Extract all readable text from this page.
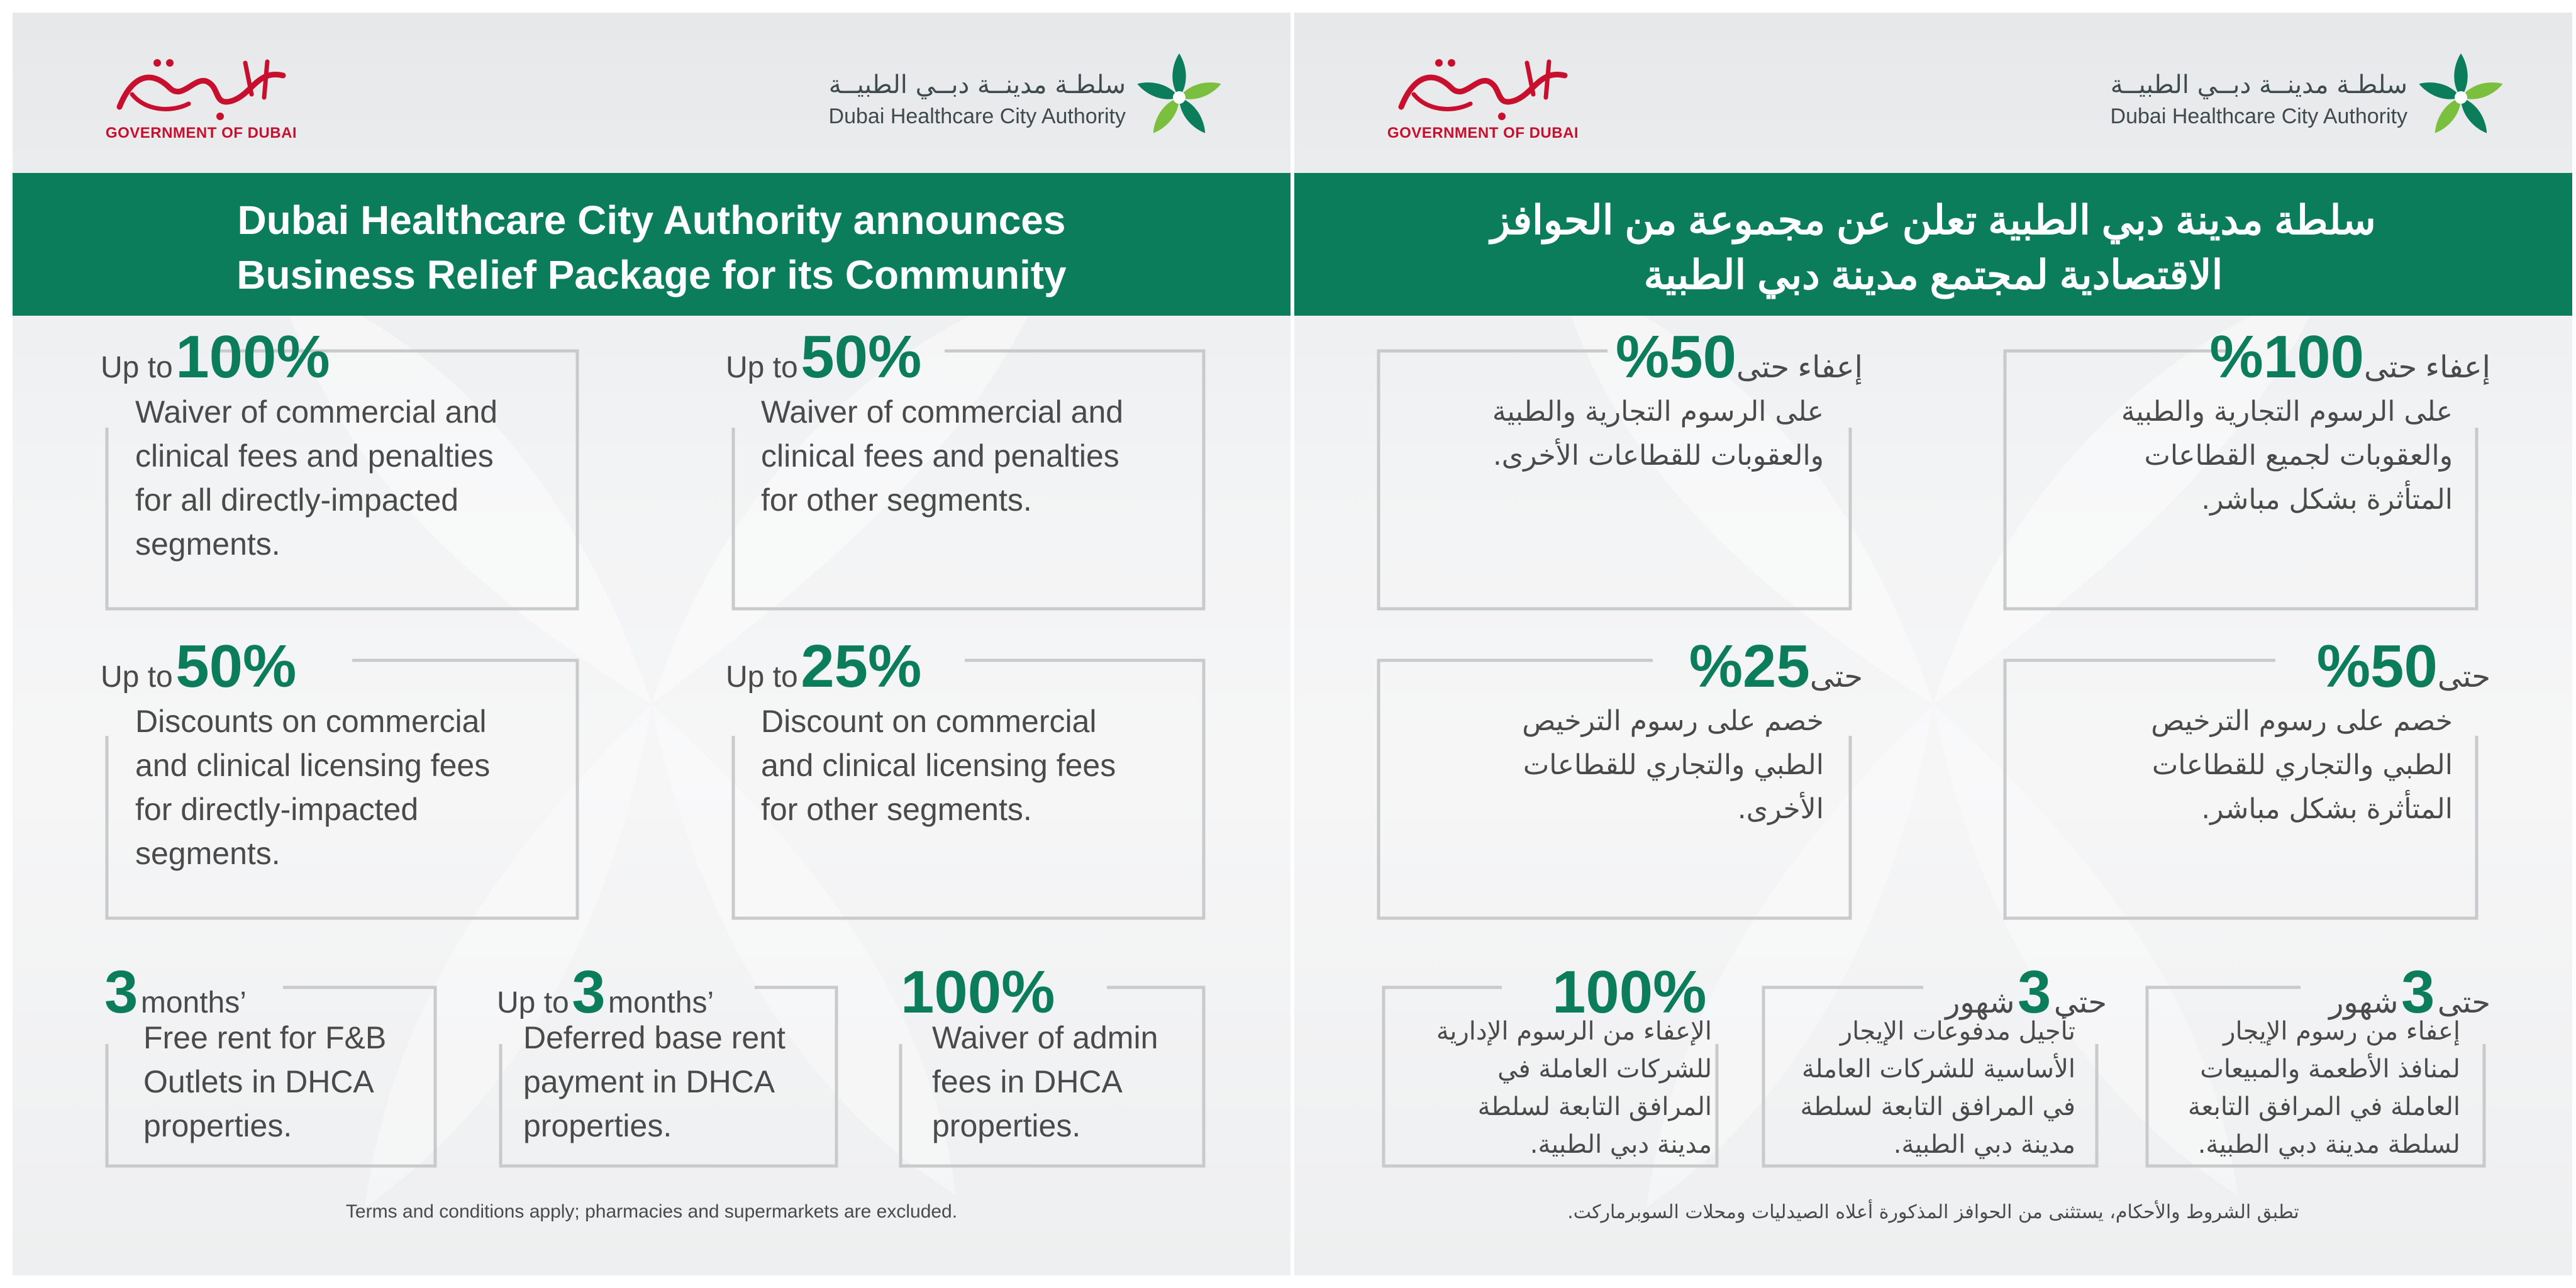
GOVERNMENT OF DUBAI
سلطـة مدينــة دبــي الطبيــة
Dubai Healthcare City Authority
Dubai Healthcare City Authority announces
Business Relief Package for its Community
Up to 100%
Waiver of commercial and
clinical fees and penalties
for all directly-impacted
segments.
Up to 50%
Waiver of commercial and
clinical fees and penalties
for other segments.
Up to 50%
Discounts on commercial
and clinical licensing fees
for directly-impacted
segments.
Up to 25%
Discount on commercial
and clinical licensing fees
for other segments.
3 months’
Free rent for F&B
Outlets in DHCA
properties.
Up to 3 months’
Deferred base rent
payment in DHCA
properties.
100%
Waiver of admin
fees in DHCA
properties.
Terms and conditions apply; pharmacies and supermarkets are excluded.
GOVERNMENT OF DUBAI
سلطـة مدينــة دبــي الطبيــة
Dubai Healthcare City Authority
سلطة مدينة دبي الطبية تعلن عن مجموعة من الحوافز
الاقتصادية لمجتمع مدينة دبي الطبية
إعفاء حتى100%
على الرسوم التجارية والطبية
والعقوبات لجميع القطاعات
المتأثرة بشكل مباشر.
إعفاء حتى50%
على الرسوم التجارية والطبية
والعقوبات للقطاعات الأخرى.
حتى50%
خصم على رسوم الترخيص
الطبي والتجاري للقطاعات
المتأثرة بشكل مباشر.
حتى25%
خصم على رسوم الترخيص
الطبي والتجاري للقطاعات
الأخرى.
حتى 3 شهور
إعفاء من رسوم الإيجار
لمنافذ الأطعمة والمبيعات
العاملة في المرافق التابعة
لسلطة مدينة دبي الطبية.
حتى 3 شهور
تأجيل مدفوعات الإيجار
الأساسية للشركات العاملة
في المرافق التابعة لسلطة
مدينة دبي الطبية.
100%
الإعفاء من الرسوم الإدارية
للشركات العاملة في
المرافق التابعة لسلطة
مدينة دبي الطبية.
تطبق الشروط والأحكام، يستثنى من الحوافز المذكورة أعلاه الصيدليات ومحلات السوبرماركت.
